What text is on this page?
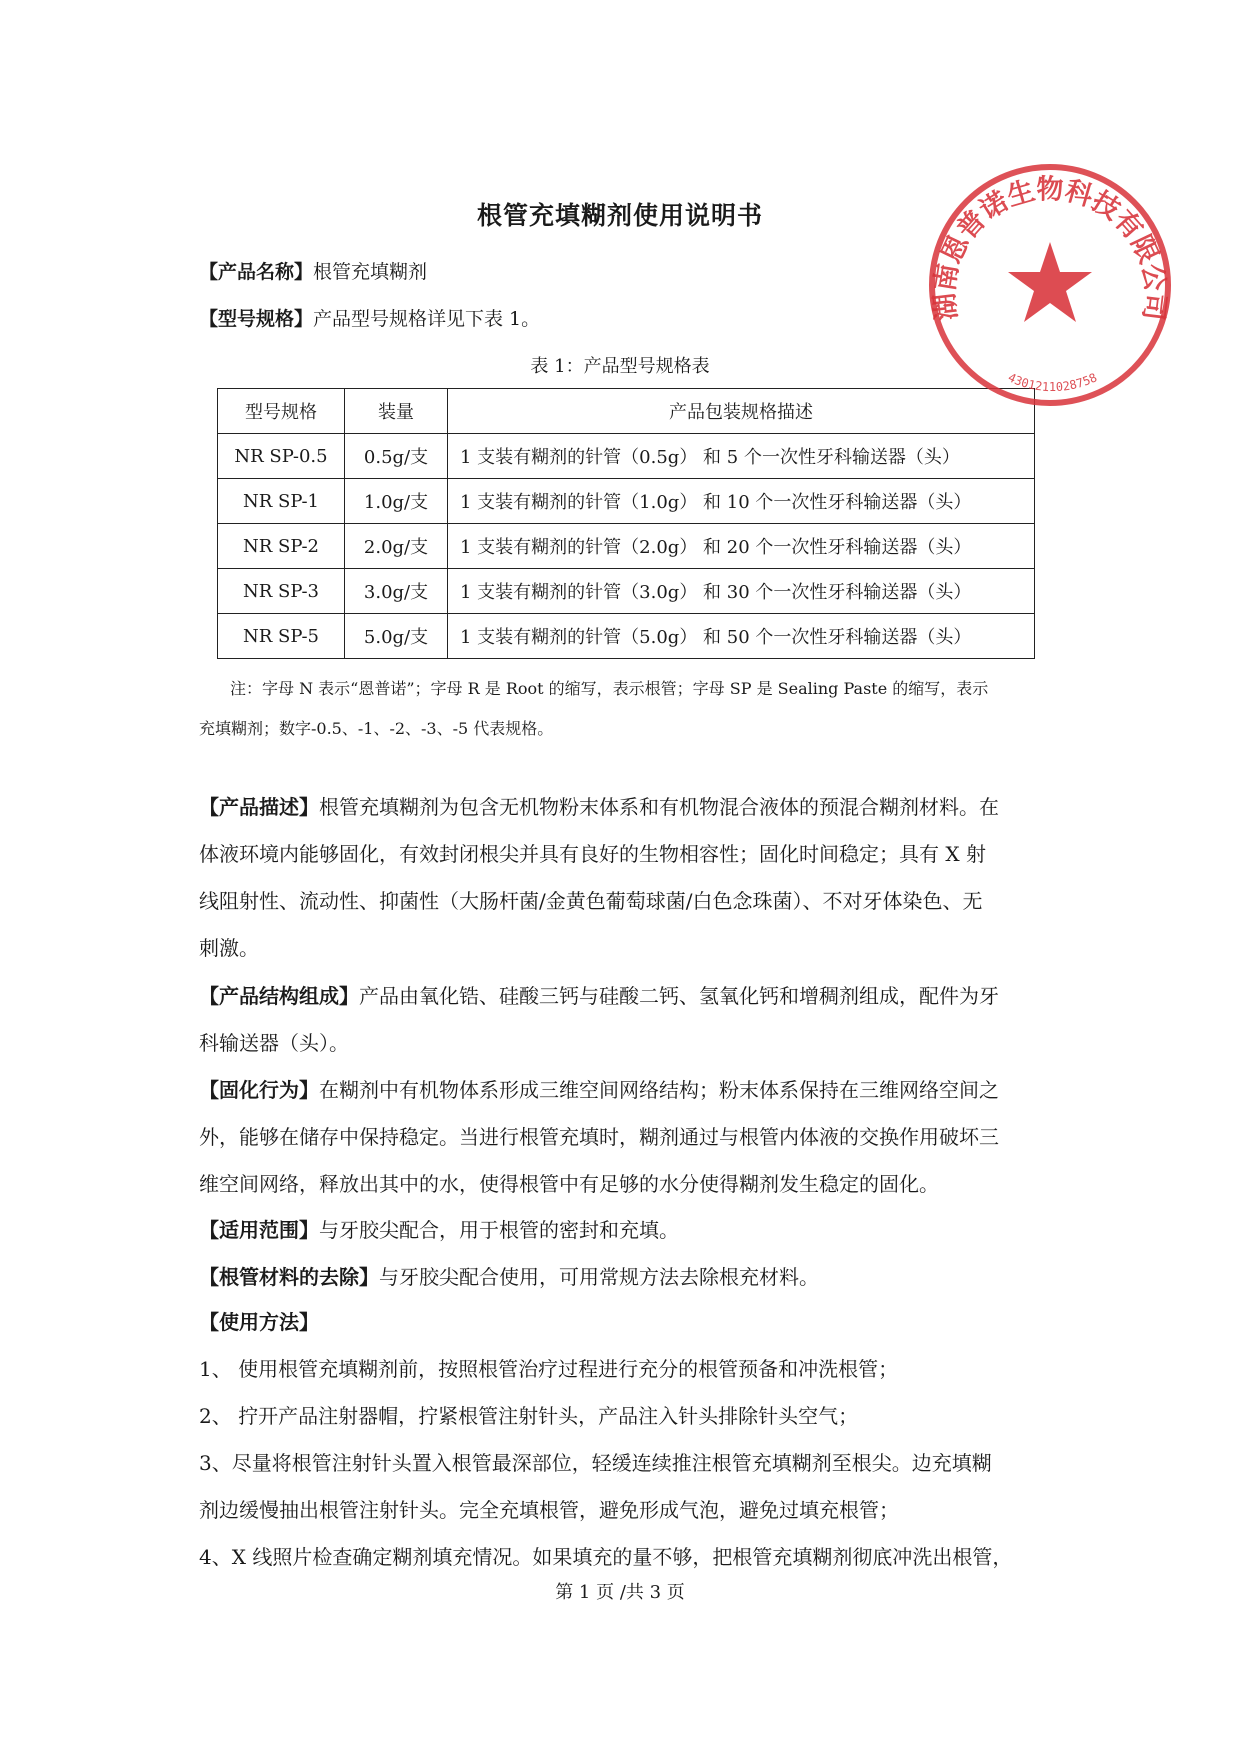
根管充填糊剂使用说明书
【产品名称】根管充填糊剂
【型号规格】产品型号规格详见下表 1。
表 1：产品型号规格表
型号规格	装量	产品包装规格描述
NR SP-0.5	0.5g/支	1 支装有糊剂的针管（0.5g） 和 5 个一次性牙科输送器（头）
NR SP-1	1.0g/支	1 支装有糊剂的针管（1.0g） 和 10 个一次性牙科输送器（头）
NR SP-2	2.0g/支	1 支装有糊剂的针管（2.0g） 和 20 个一次性牙科输送器（头）
NR SP-3	3.0g/支	1 支装有糊剂的针管（3.0g） 和 30 个一次性牙科输送器（头）
NR SP-5	5.0g/支	1 支装有糊剂的针管（5.0g） 和 50 个一次性牙科输送器（头）
注：字母 N 表示“恩普诺”；字母 R 是 Root 的缩写，表示根管；字母 SP 是 Sealing Paste 的缩写，表示
充填糊剂；数字-0.5、-1、-2、-3、-5 代表规格。
【产品描述】根管充填糊剂为包含无机物粉末体系和有机物混合液体的预混合糊剂材料。在
体液环境内能够固化，有效封闭根尖并具有良好的生物相容性；固化时间稳定；具有 X 射
线阻射性、流动性、抑菌性（大肠杆菌/金黄色葡萄球菌/白色念珠菌）、不对牙体染色、无
刺激。
【产品结构组成】产品由氧化锆、硅酸三钙与硅酸二钙、氢氧化钙和增稠剂组成，配件为牙
科输送器（头）。
【固化行为】在糊剂中有机物体系形成三维空间网络结构；粉末体系保持在三维网络空间之
外，能够在储存中保持稳定。当进行根管充填时，糊剂通过与根管内体液的交换作用破坏三
维空间网络，释放出其中的水，使得根管中有足够的水分使得糊剂发生稳定的固化。
【适用范围】与牙胶尖配合，用于根管的密封和充填。
【根管材料的去除】与牙胶尖配合使用，可用常规方法去除根充材料。
【使用方法】
1、 使用根管充填糊剂前，按照根管治疗过程进行充分的根管预备和冲洗根管；
2、 拧开产品注射器帽，拧紧根管注射针头，产品注入针头排除针头空气；
3、尽量将根管注射针头置入根管最深部位，轻缓连续推注根管充填糊剂至根尖。边充填糊
剂边缓慢抽出根管注射针头。完全充填根管，避免形成气泡，避免过填充根管；
4、X 线照片检查确定糊剂填充情况。如果填充的量不够，把根管充填糊剂彻底冲洗出根管，
第 1 页 /共 3 页
湖南恩普诺生物科技有限公司
4301211028758
